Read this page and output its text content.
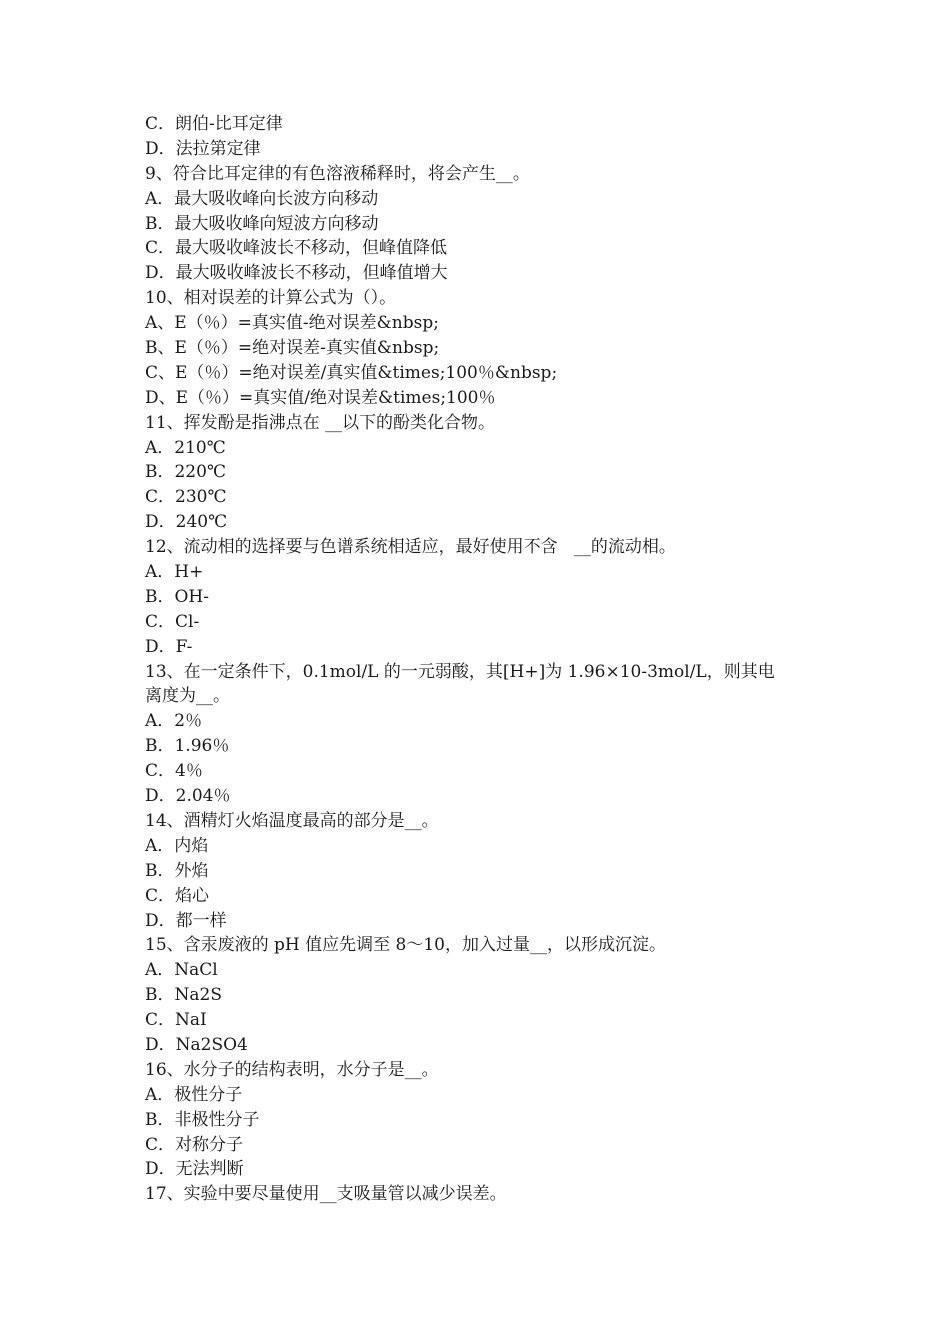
C．朗伯-比耳定律
D．法拉第定律
9、符合比耳定律的有色溶液稀释时，将会产生__。
A．最大吸收峰向长波方向移动
B．最大吸收峰向短波方向移动
C．最大吸收峰波长不移动，但峰值降低
D．最大吸收峰波长不移动，但峰值增大
10、相对误差的计算公式为（）。
A、E（％）=真实值-绝对误差&nbsp;
B、E（％）=绝对误差-真实值&nbsp;
C、E（％）=绝对误差/真实值&times;100％&nbsp;
D、E（％）=真实值/绝对误差&times;100％
11、挥发酚是指沸点在 __以下的酚类化合物。
A．210℃
B．220℃
C．230℃
D．240℃
12、流动相的选择要与色谱系统相适应，最好使用不含   __的流动相。
A．H+
B．OH-
C．Cl-
D．F-
13、在一定条件下，0.1mol/L 的一元弱酸，其[H+]为 1.96×10-3mol/L，则其电
离度为__。
A．2％
B．1.96％
C．4％
D．2.04％
14、酒精灯火焰温度最高的部分是__。
A．内焰
B．外焰
C．焰心
D．都一样
15、含汞废液的 pH 值应先调至 8～10，加入过量__，以形成沉淀。
A．NaCl
B．Na2S
C．NaI
D．Na2SO4
16、水分子的结构表明，水分子是__。
A．极性分子
B．非极性分子
C．对称分子
D．无法判断
17、实验中要尽量使用__支吸量管以减少误差。
